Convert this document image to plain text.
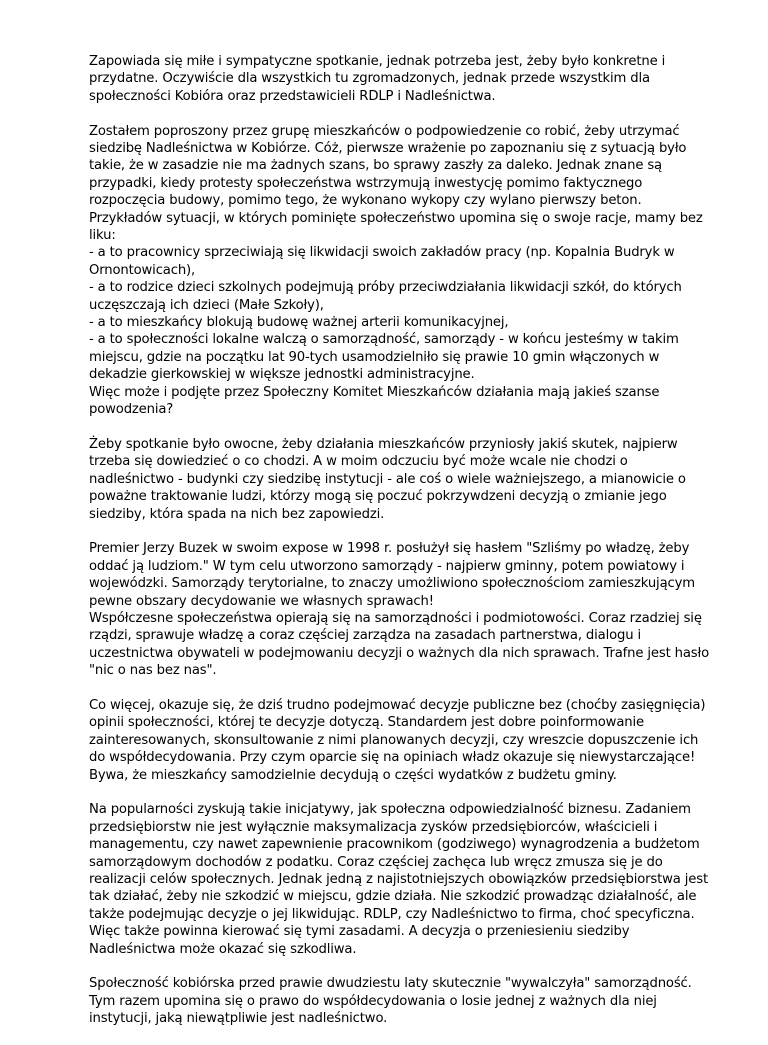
Zapowiada się miłe i sympatyczne spotkanie, jednak potrzeba jest, żeby było konkretne i przydatne. Oczywiście dla wszystkich tu zgromadzonych, jednak przede wszystkim dla społeczności Kobióra oraz przedstawicieli RDLP i Nadleśnictwa.

Zostałem poproszony przez grupę mieszkańców o podpowiedzenie co robić, żeby utrzymać siedzibę Nadleśnictwa w Kobiórze. Cóż, pierwsze wrażenie po zapoznaniu się z sytuacją było takie, że w zasadzie nie ma żadnych szans, bo sprawy zaszły za daleko. Jednak znane są przypadki, kiedy protesty społeczeństwa wstrzymują inwestycję pomimo faktycznego rozpoczęcia budowy, pomimo tego, że wykonano wykopy czy wylano pierwszy beton.
Przykładów sytuacji, w których pominięte społeczeństwo upomina się o swoje racje, mamy bez liku:
- a to pracownicy sprzeciwiają się likwidacji swoich zakładów pracy (np. Kopalnia Budryk w Ornontowicach),
- a to rodzice dzieci szkolnych podejmują próby przeciwdziałania likwidacji szkół, do których uczęszczają ich dzieci (Małe Szkoły),
- a to mieszkańcy blokują budowę ważnej arterii komunikacyjnej,
- a to społeczności lokalne walczą o samorządność, samorządy - w końcu jesteśmy w takim miejscu, gdzie na początku lat 90-tych usamodzielniło się prawie 10 gmin włączonych w dekadzie gierkowskiej w większe jednostki administracyjne.
Więc może i podjęte przez Społeczny Komitet Mieszkańców działania mają jakieś szanse powodzenia?

Żeby spotkanie było owocne, żeby działania mieszkańców przyniosły jakiś skutek, najpierw trzeba się dowiedzieć o co chodzi. A w moim odczuciu być może wcale nie chodzi o nadleśnictwo - budynki czy siedzibę instytucji - ale coś o wiele ważniejszego, a mianowicie o poważne traktowanie ludzi, którzy mogą się poczuć pokrzywdzeni decyzją o zmianie jego siedziby, która spada na nich bez zapowiedzi.

Premier Jerzy Buzek w swoim expose w 1998 r. posłużył się hasłem "Szliśmy po władzę, żeby oddać ją ludziom." W tym celu utworzono samorządy - najpierw gminny, potem powiatowy i wojewódzki. Samorządy terytorialne, to znaczy umożliwiono społecznościom zamieszkującym pewne obszary decydowanie we własnych sprawach!
Współczesne społeczeństwa opierają się na samorządności i podmiotowości. Coraz rzadziej się rządzi, sprawuje władzę a coraz częściej zarządza na zasadach partnerstwa, dialogu i uczestnictwa obywateli w podejmowaniu decyzji o ważnych dla nich sprawach. Trafne jest hasło "nic o nas bez nas".

Co więcej, okazuje się, że dziś trudno podejmować decyzje publiczne bez (choćby zasięgnięcia) opinii społeczności, której te decyzje dotyczą. Standardem jest dobre poinformowanie zainteresowanych, skonsultowanie z nimi planowanych decyzji, czy wreszcie dopuszczenie ich do współdecydowania. Przy czym oparcie się na opiniach władz okazuje się niewystarczające! Bywa, że mieszkańcy samodzielnie decydują o części wydatków z budżetu gminy.

Na popularności zyskują takie inicjatywy, jak społeczna odpowiedzialność biznesu. Zadaniem przedsiębiorstw nie jest wyłącznie maksymalizacja zysków przedsiębiorców, właścicieli i managementu, czy nawet zapewnienie pracownikom (godziwego) wynagrodzenia a budżetom samorządowym dochodów z podatku. Coraz częściej zachęca lub wręcz zmusza się je do realizacji celów społecznych. Jednak jedną z najistotniejszych obowiązków przedsiębiorstwa jest tak działać, żeby nie szkodzić w miejscu, gdzie działa. Nie szkodzić prowadząc działalność, ale także podejmując decyzje o jej likwidując. RDLP, czy Nadleśnictwo to firma, choć specyficzna. Więc także powinna kierować się tymi zasadami. A decyzja o przeniesieniu siedziby Nadleśnictwa może okazać się szkodliwa.

Społeczność kobiórska przed prawie dwudziestu laty skutecznie "wywalczyła" samorządność. Tym razem upomina się o prawo do współdecydowania o losie jednej z ważnych dla niej instytucji, jaką niewątpliwie jest nadleśnictwo.
